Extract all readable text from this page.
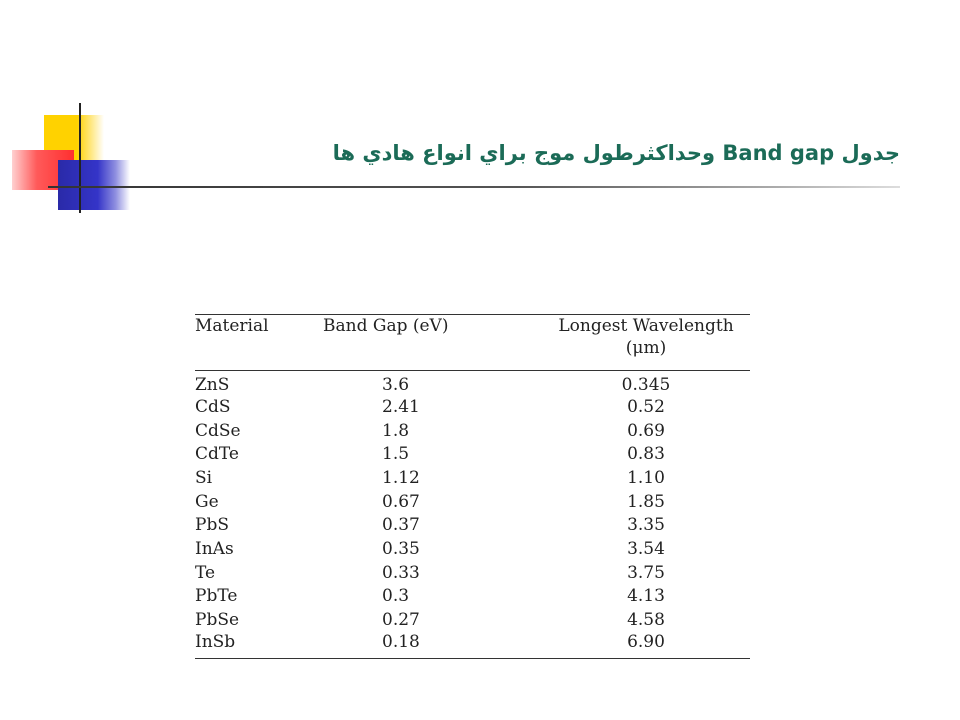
جدول Band gap وحداكثرطول موج براي انواع هادي ها
Material	Band Gap (eV)	Longest Wavelength (μm)
ZnS	3.6	0.345
CdS	2.41	0.52
CdSe	1.8	0.69
CdTe	1.5	0.83
Si	1.12	1.10
Ge	0.67	1.85
PbS	0.37	3.35
InAs	0.35	3.54
Te	0.33	3.75
PbTe	0.3	4.13
PbSe	0.27	4.58
InSb	0.18	6.90
